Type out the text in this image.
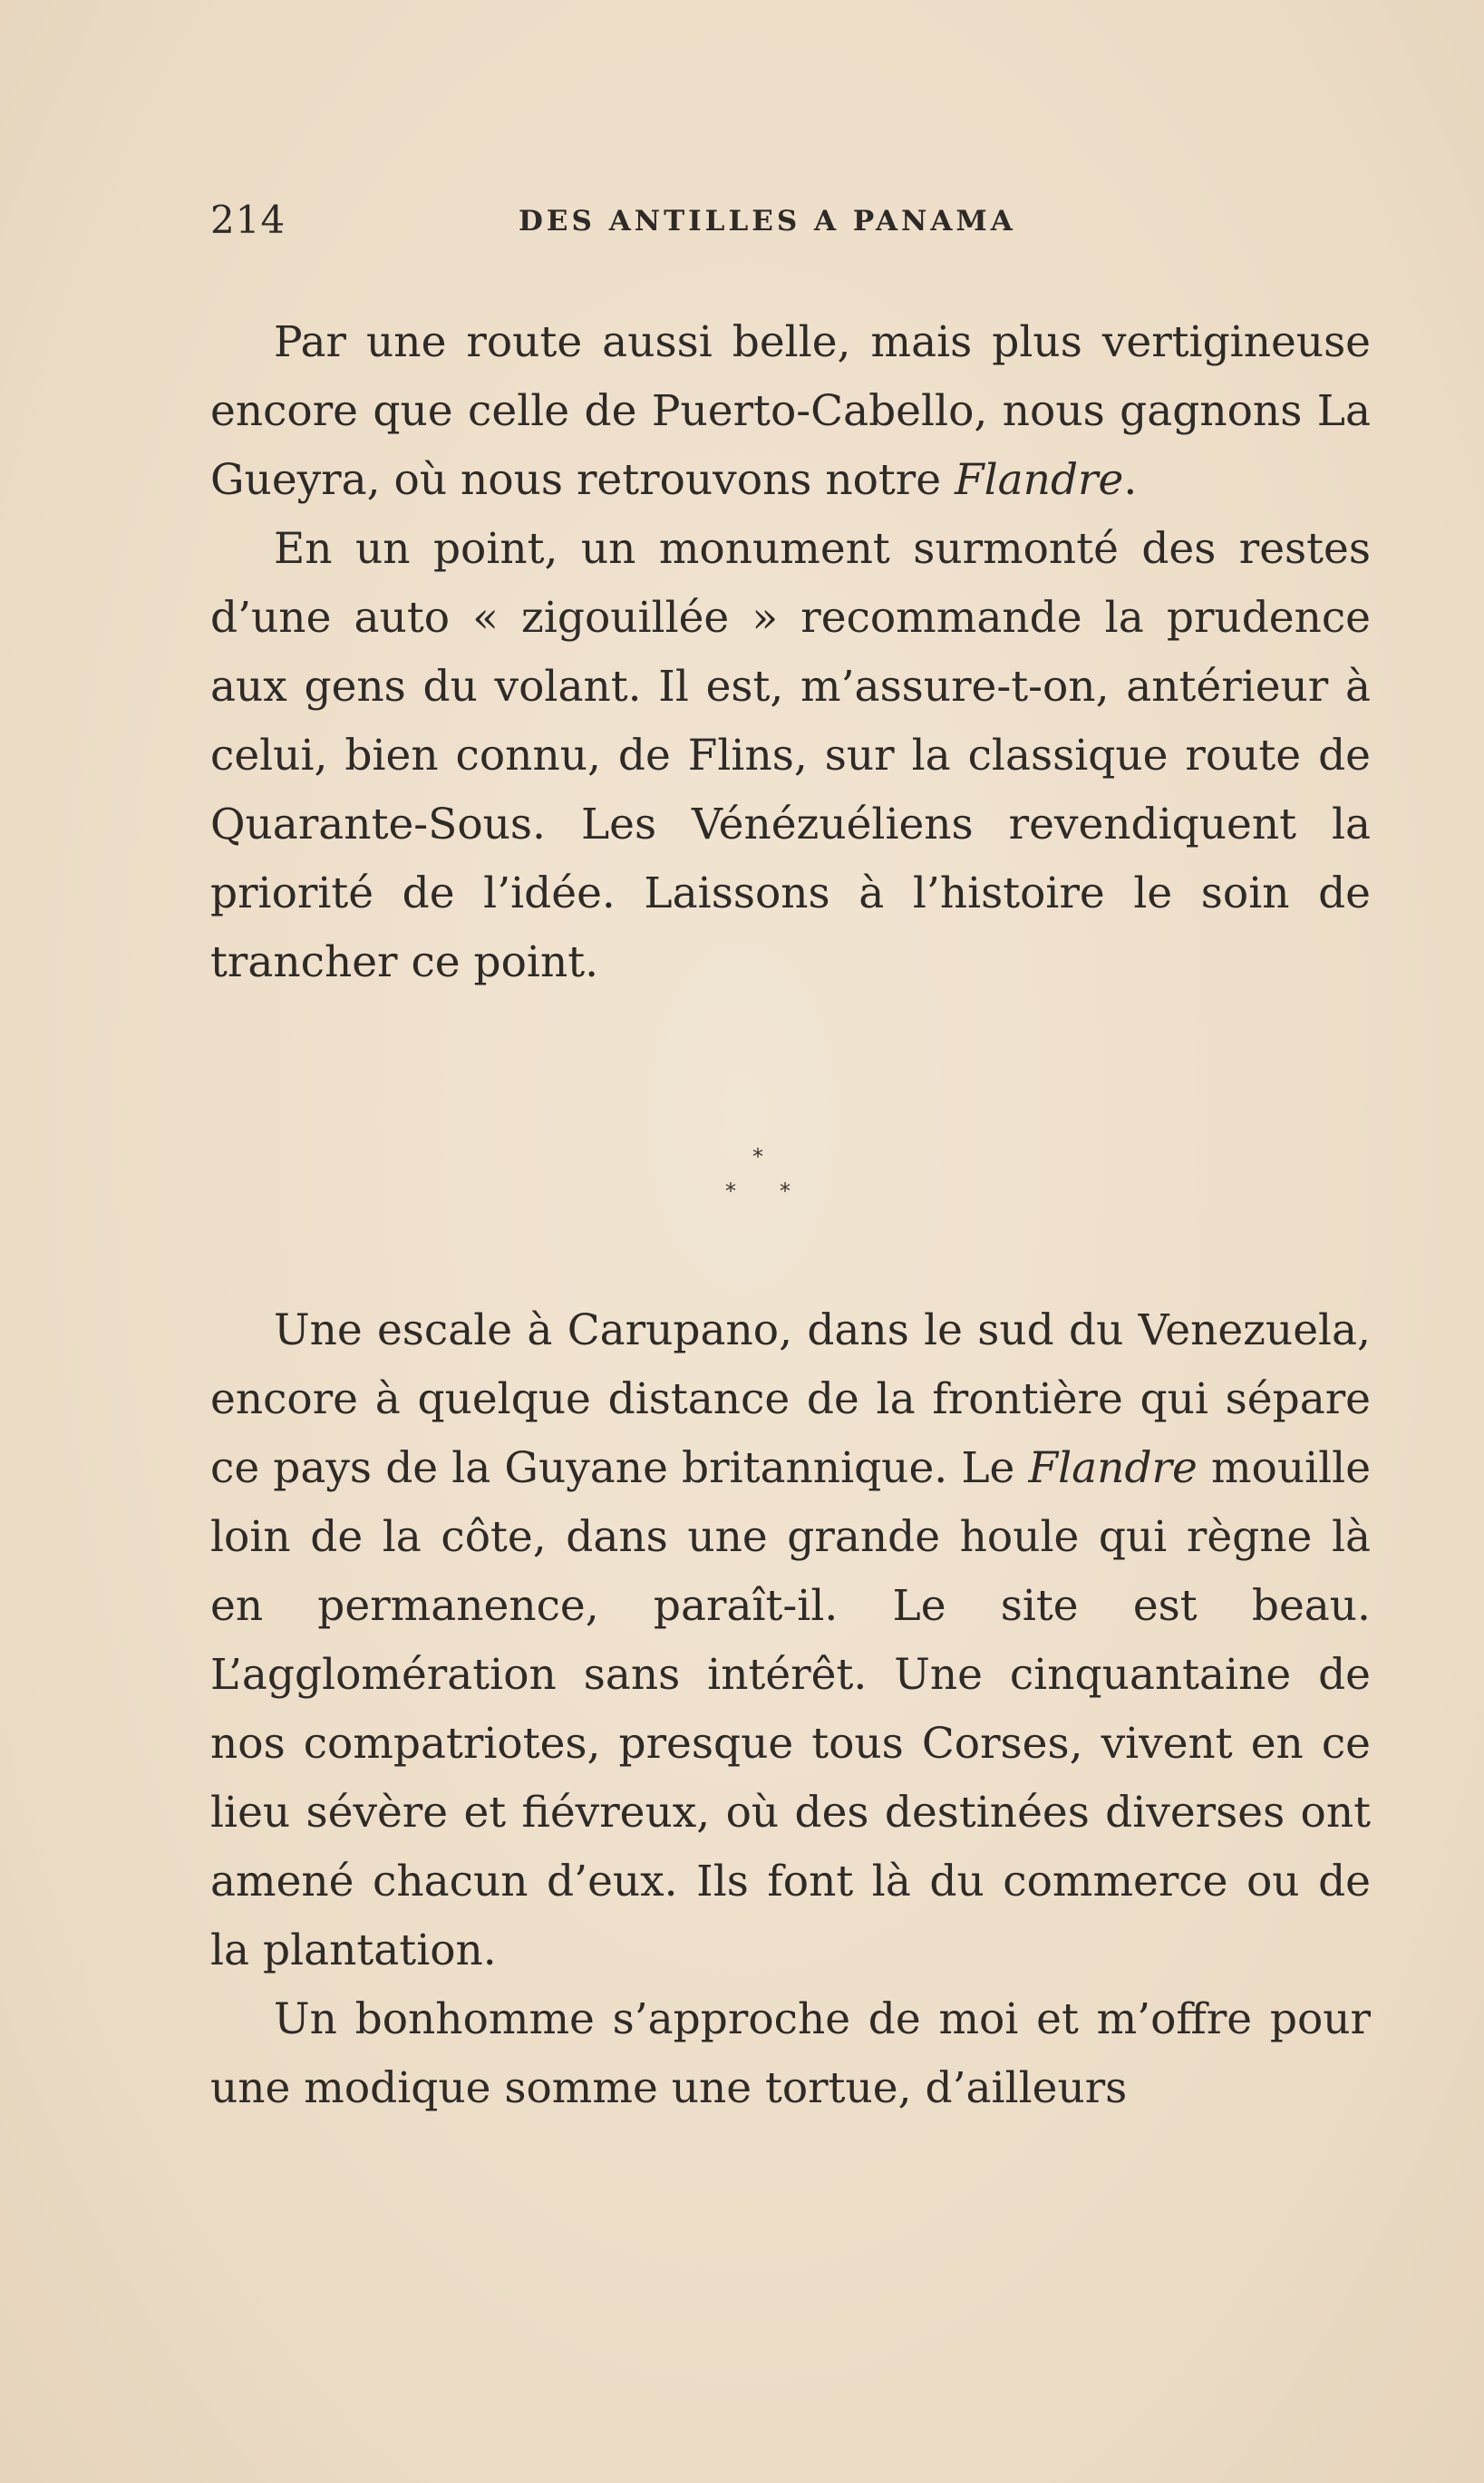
214	DES ANTILLES A PANAMA

Par une route aussi belle, mais plus vertigineuse encore que celle de Puerto-Cabello, nous gagnons La Gueyra, où nous retrouvons notre Flandre.

En un point, un monument surmonté des restes d’une auto « zigouillée » recommande la prudence aux gens du volant. Il est, m’assure-t-on, antérieur à celui, bien connu, de Flins, sur la classique route de Quarante-Sous. Les Vénézuéliens revendiquent la priorité de l’idée. Laissons à l’histoire le soin de trancher ce point.

*
* *

Une escale à Carupano, dans le sud du Venezuela, encore à quelque distance de la frontière qui sépare ce pays de la Guyane britannique. Le Flandre mouille loin de la côte, dans une grande houle qui règne là en permanence, paraît-il. Le site est beau. L’agglomération sans intérêt. Une cinquantaine de nos compatriotes, presque tous Corses, vivent en ce lieu sévère et fiévreux, où des destinées diverses ont amené chacun d’eux. Ils font là du commerce ou de la plantation.

Un bonhomme s’approche de moi et m’offre pour une modique somme une tortue, d’ailleurs
